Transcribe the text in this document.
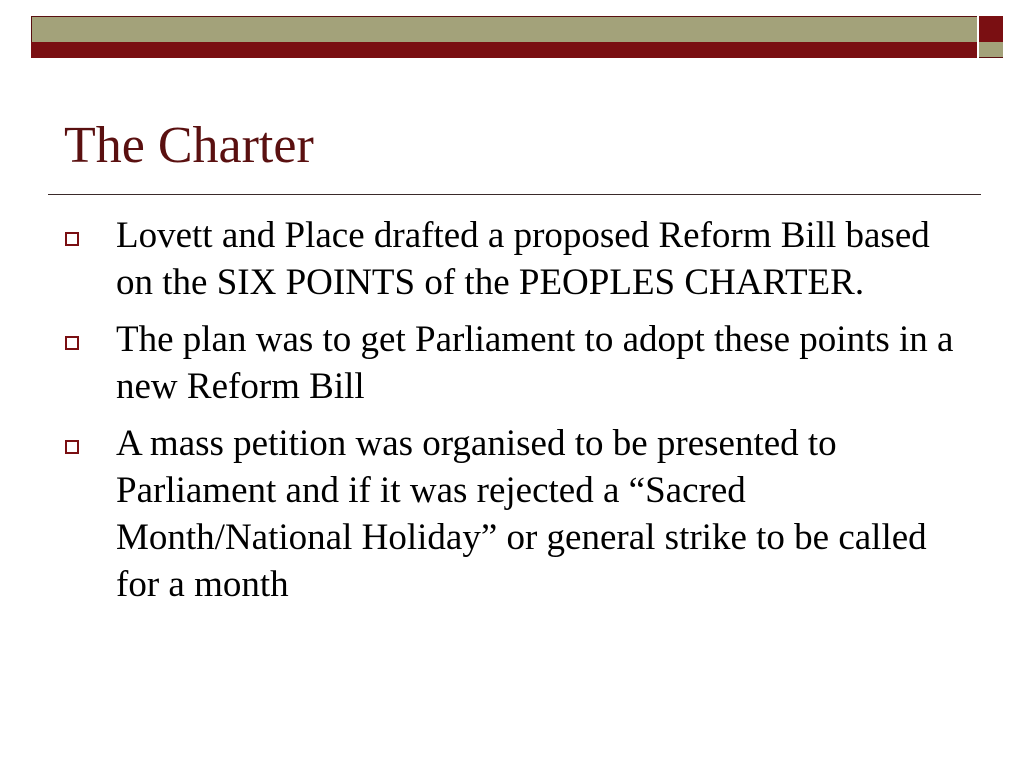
The Charter
Lovett and Place drafted a proposed Reform Bill based on the SIX POINTS of the PEOPLES CHARTER.
The plan was to get Parliament to adopt these points in a new Reform Bill
A mass petition was organised to be presented to Parliament and if it was rejected a “Sacred Month/National Holiday” or general strike to be called for a month
